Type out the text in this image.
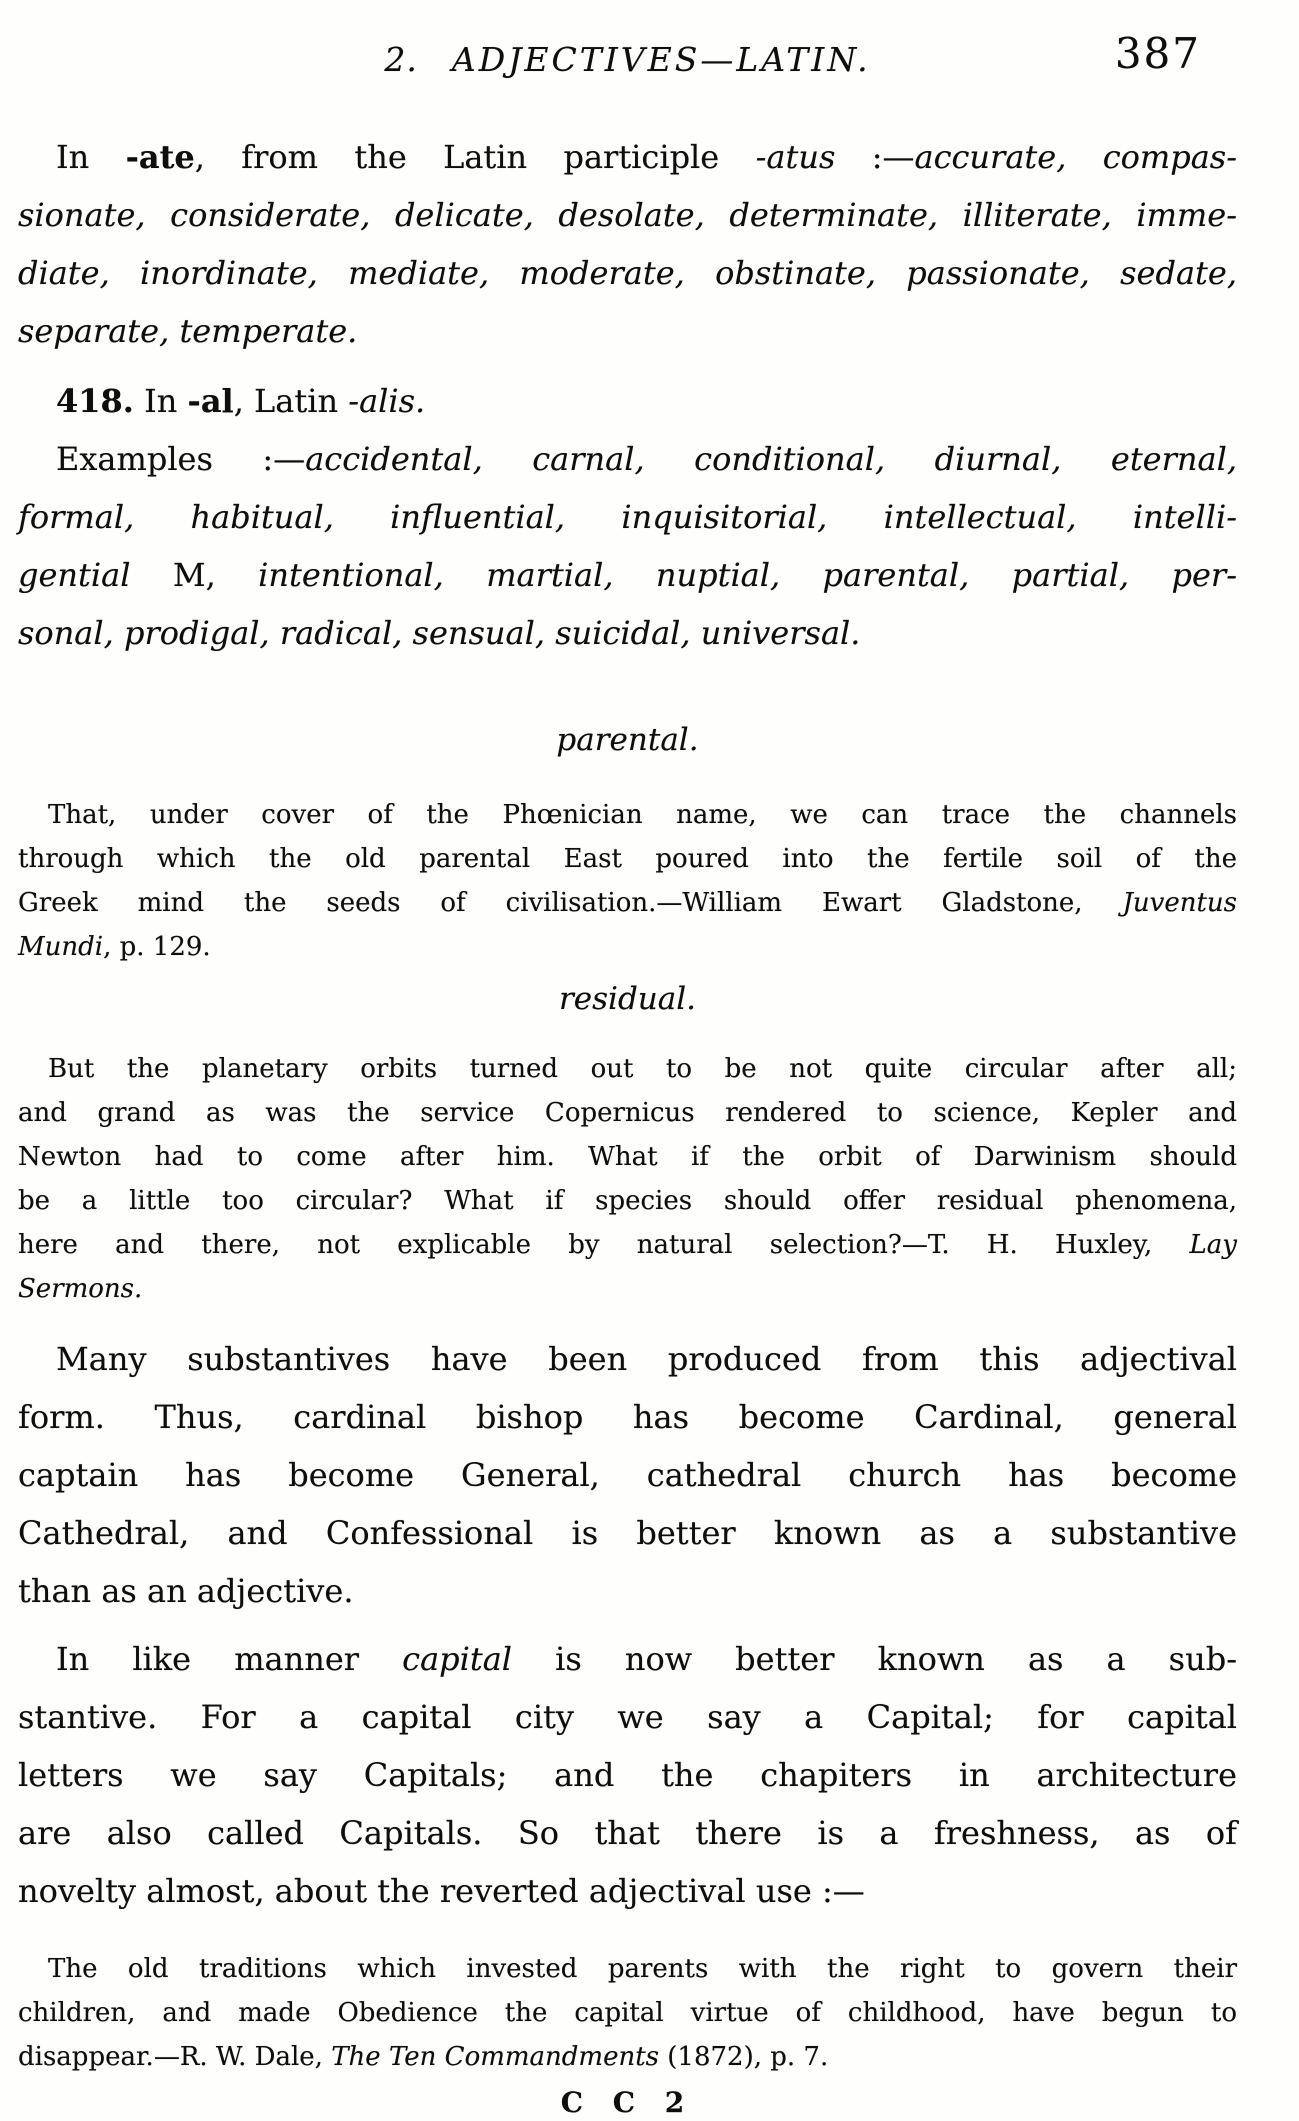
2. ADJECTIVES—LATIN.	387
In -ate, from the Latin participle -atus :—accurate, compas-
sionate, considerate, delicate, desolate, determinate, illiterate, imme-
diate, inordinate, mediate, moderate, obstinate, passionate, sedate,
separate, temperate.
418. In -al, Latin -alis.
Examples :—accidental, carnal, conditional, diurnal, eternal,
formal, habitual, influential, inquisitorial, intellectual, intelli-
gential M, intentional, martial, nuptial, parental, partial, per-
sonal, prodigal, radical, sensual, suicidal, universal.
parental.
That, under cover of the Phœnician name, we can trace the channels
through which the old parental East poured into the fertile soil of the
Greek mind the seeds of civilisation.—William Ewart Gladstone, Juventus
Mundi, p. 129.
residual.
But the planetary orbits turned out to be not quite circular after all;
and grand as was the service Copernicus rendered to science, Kepler and
Newton had to come after him. What if the orbit of Darwinism should
be a little too circular? What if species should offer residual phenomena,
here and there, not explicable by natural selection?—T. H. Huxley, Lay
Sermons.
Many substantives have been produced from this adjectival
form. Thus, cardinal bishop has become Cardinal, general
captain has become General, cathedral church has become
Cathedral, and Confessional is better known as a substantive
than as an adjective.
In like manner capital is now better known as a sub-
stantive. For a capital city we say a Capital; for capital
letters we say Capitals; and the chapiters in architecture
are also called Capitals. So that there is a freshness, as of
novelty almost, about the reverted adjectival use :—
The old traditions which invested parents with the right to govern their
children, and made Obedience the capital virtue of childhood, have begun to
disappear.—R. W. Dale, The Ten Commandments (1872), p. 7.
C C 2
